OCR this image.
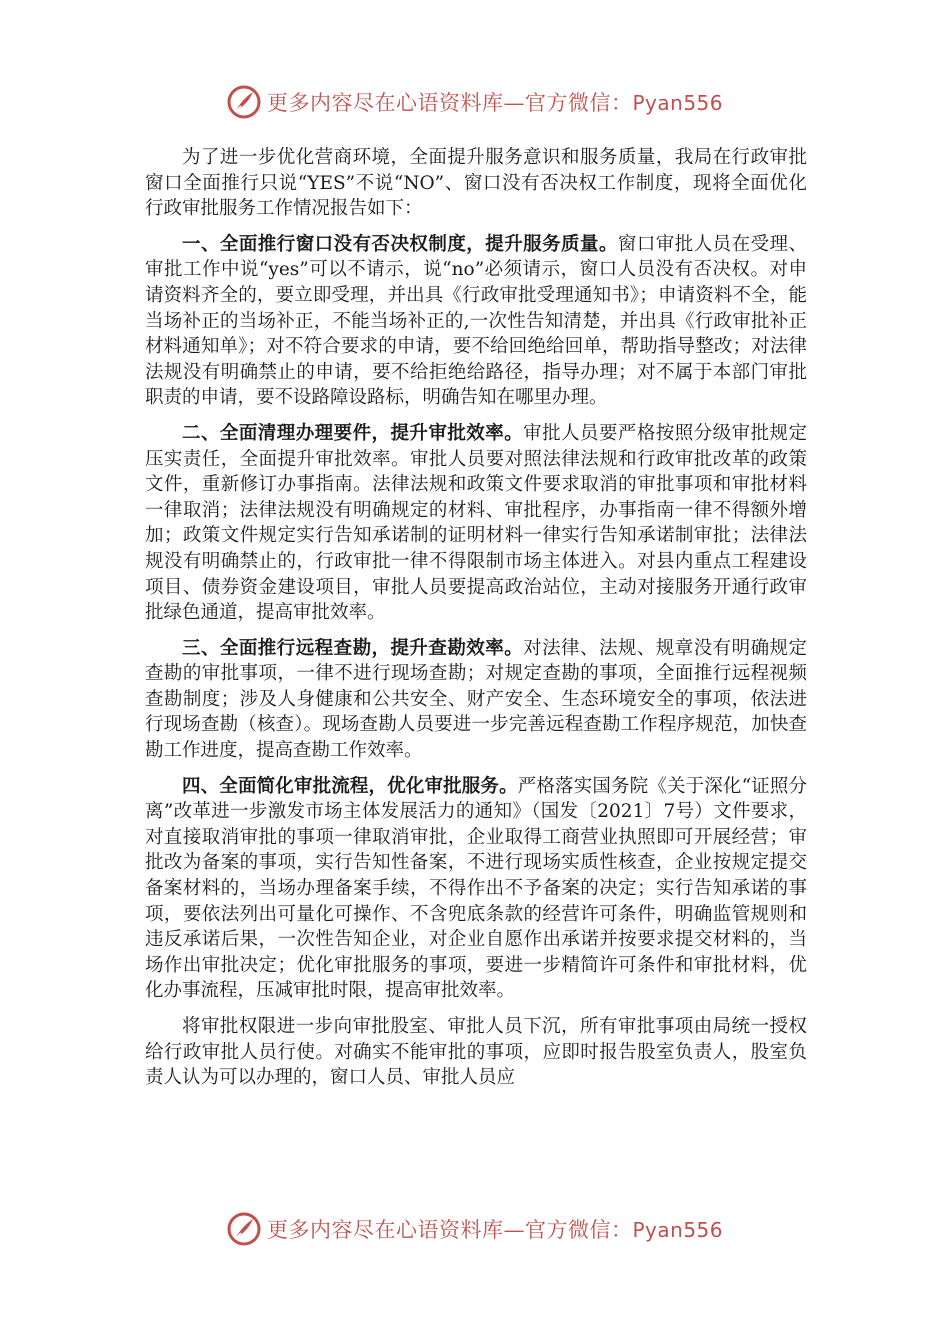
更多内容尽在心语资料库—官方微信：Pyan556

为了进一步优化营商环境，全面提升服务意识和服务质量，我局在行政审批窗口全面推行只说“YES”不说“NO”、窗口没有否决权工作制度，现将全面优化行政审批服务工作情况报告如下：

一、全面推行窗口没有否决权制度，提升服务质量。窗口审批人员在受理、审批工作中说“yes”可以不请示，说“no”必须请示，窗口人员没有否决权。对申请资料齐全的，要立即受理，并出具《行政审批受理通知书》；申请资料不全，能当场补正的当场补正，不能当场补正的,一次性告知清楚，并出具《行政审批补正材料通知单》；对不符合要求的申请，要不给回绝给回单，帮助指导整改；对法律法规没有明确禁止的申请，要不给拒绝给路径，指导办理；对不属于本部门审批职责的申请，要不设路障设路标，明确告知在哪里办理。

二、全面清理办理要件，提升审批效率。审批人员要严格按照分级审批规定压实责任，全面提升审批效率。审批人员要对照法律法规和行政审批改革的政策文件，重新修订办事指南。法律法规和政策文件要求取消的审批事项和审批材料一律取消；法律法规没有明确规定的材料、审批程序，办事指南一律不得额外增加；政策文件规定实行告知承诺制的证明材料一律实行告知承诺制审批；法律法规没有明确禁止的，行政审批一律不得限制市场主体进入。对县内重点工程建设项目、债券资金建设项目，审批人员要提高政治站位，主动对接服务开通行政审批绿色通道，提高审批效率。

三、全面推行远程查勘，提升查勘效率。对法律、法规、规章没有明确规定查勘的审批事项，一律不进行现场查勘；对规定查勘的事项，全面推行远程视频查勘制度；涉及人身健康和公共安全、财产安全、生态环境安全的事项，依法进行现场查勘（核查）。现场查勘人员要进一步完善远程查勘工作程序规范，加快查勘工作进度，提高查勘工作效率。

四、全面简化审批流程，优化审批服务。严格落实国务院《关于深化“证照分离”改革进一步激发市场主体发展活力的通知》（国发〔2021〕7号）文件要求，对直接取消审批的事项一律取消审批，企业取得工商营业执照即可开展经营；审批改为备案的事项，实行告知性备案，不进行现场实质性核查，企业按规定提交备案材料的，当场办理备案手续，不得作出不予备案的决定；实行告知承诺的事项，要依法列出可量化可操作、不含兜底条款的经营许可条件，明确监管规则和违反承诺后果，一次性告知企业，对企业自愿作出承诺并按要求提交材料的，当场作出审批决定；优化审批服务的事项，要进一步精简许可条件和审批材料，优化办事流程，压减审批时限，提高审批效率。

将审批权限进一步向审批股室、审批人员下沉，所有审批事项由局统一授权给行政审批人员行使。对确实不能审批的事项，应即时报告股室负责人，股室负责人认为可以办理的，窗口人员、审批人员应

更多内容尽在心语资料库—官方微信：Pyan556
